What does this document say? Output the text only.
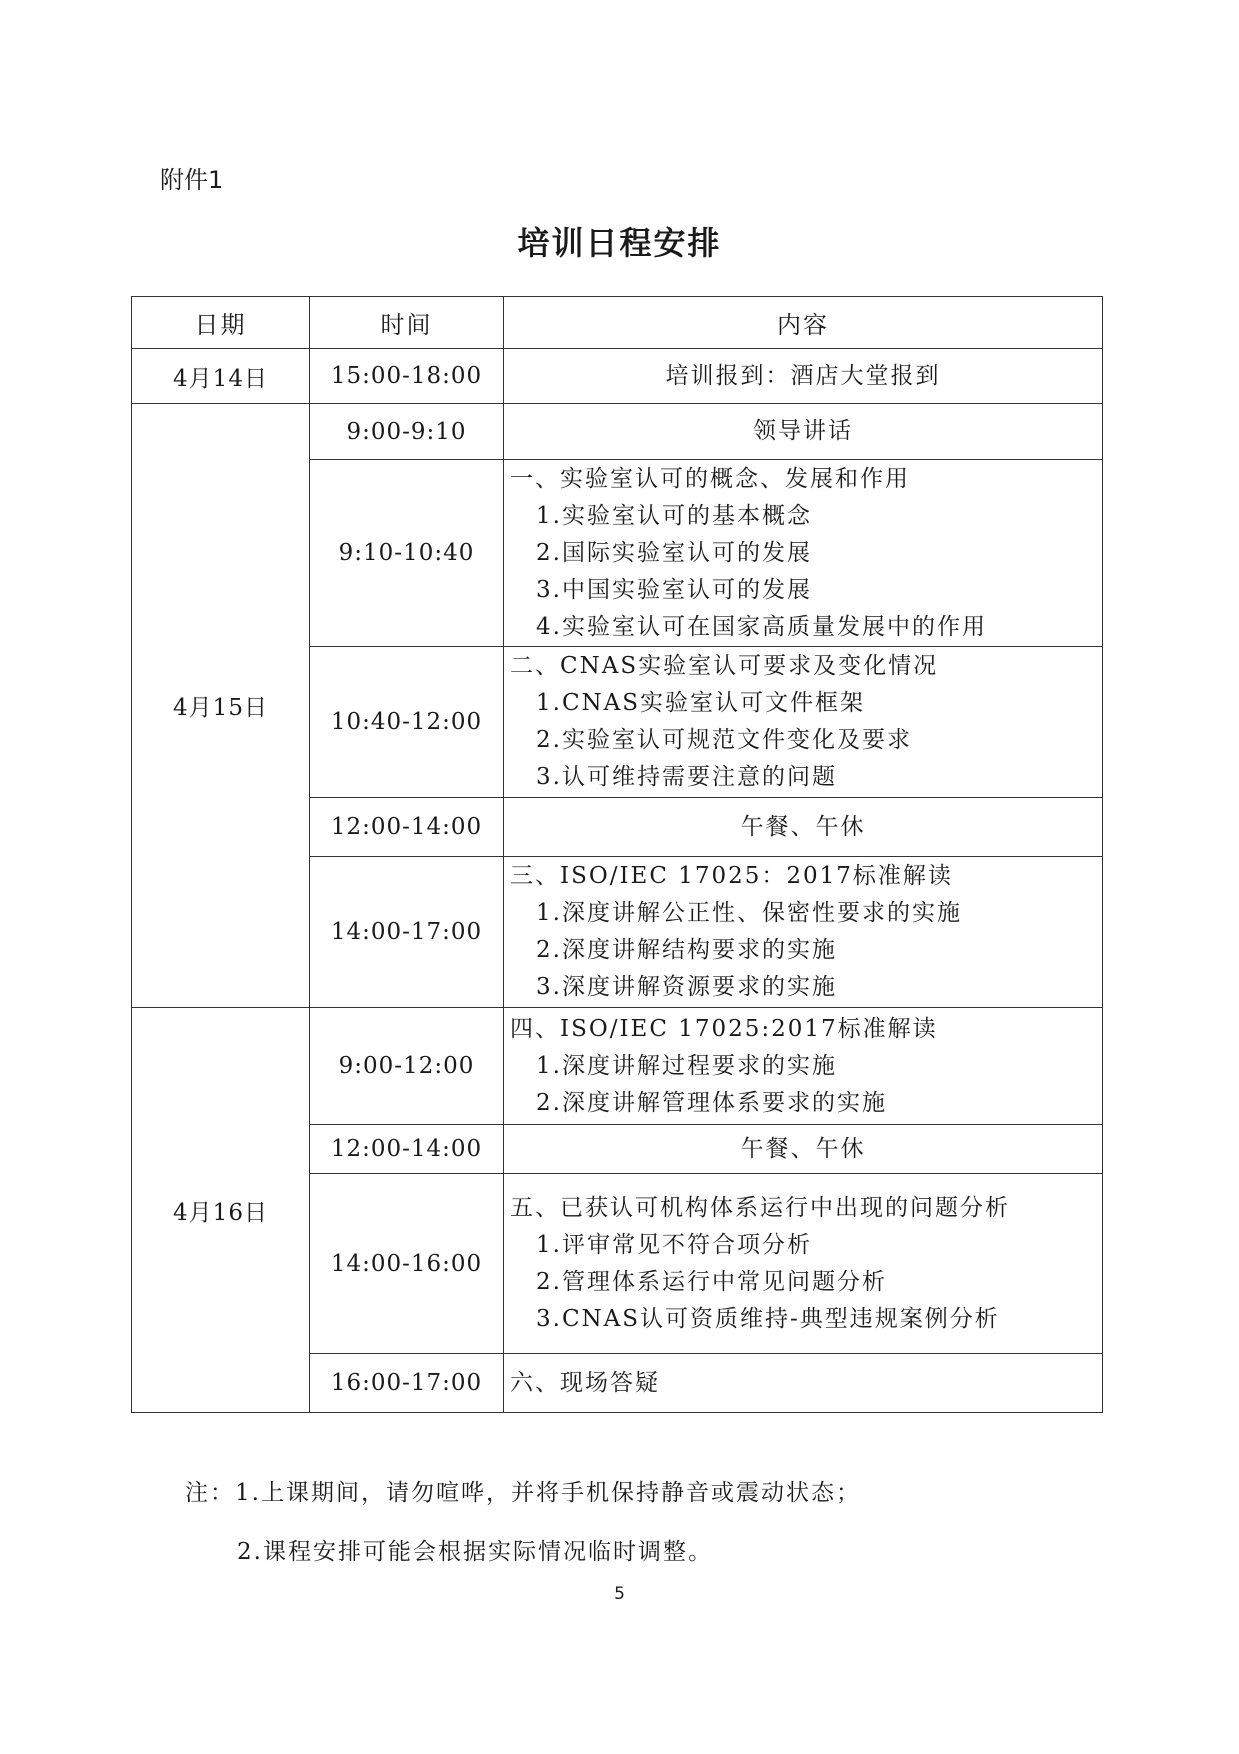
附件1
培训日程安排
日期	时间	内容
4月14日	15:00-18:00	培训报到：酒店大堂报到

4月15日	9:00-9:10	领导讲话

	9:10-10:40	一、实验室认可的概念、发展和作用
1.实验室认可的基本概念
2.国际实验室认可的发展
3.中国实验室认可的发展
4.实验室认可在国家高质量发展中的作用

	10:40-12:00	二、CNAS实验室认可要求及变化情况
1.CNAS实验室认可文件框架
2.实验室认可规范文件变化及要求
3.认可维持需要注意的问题

	12:00-14:00	午餐、午休

	14:00-17:00	三、ISO/IEC 17025：2017标准解读
1.深度讲解公正性、保密性要求的实施
2.深度讲解结构要求的实施
3.深度讲解资源要求的实施

4月16日	9:00-12:00	四、ISO/IEC 17025:2017标准解读
1.深度讲解过程要求的实施
2.深度讲解管理体系要求的实施

	12:00-14:00	午餐、午休

	14:00-16:00	五、已获认可机构体系运行中出现的问题分析
1.评审常见不符合项分析
2.管理体系运行中常见问题分析
3.CNAS认可资质维持-典型违规案例分析

	16:00-17:00	六、现场答疑
注：1.上课期间，请勿喧哗，并将手机保持静音或震动状态；
2.课程安排可能会根据实际情况临时调整。
5
